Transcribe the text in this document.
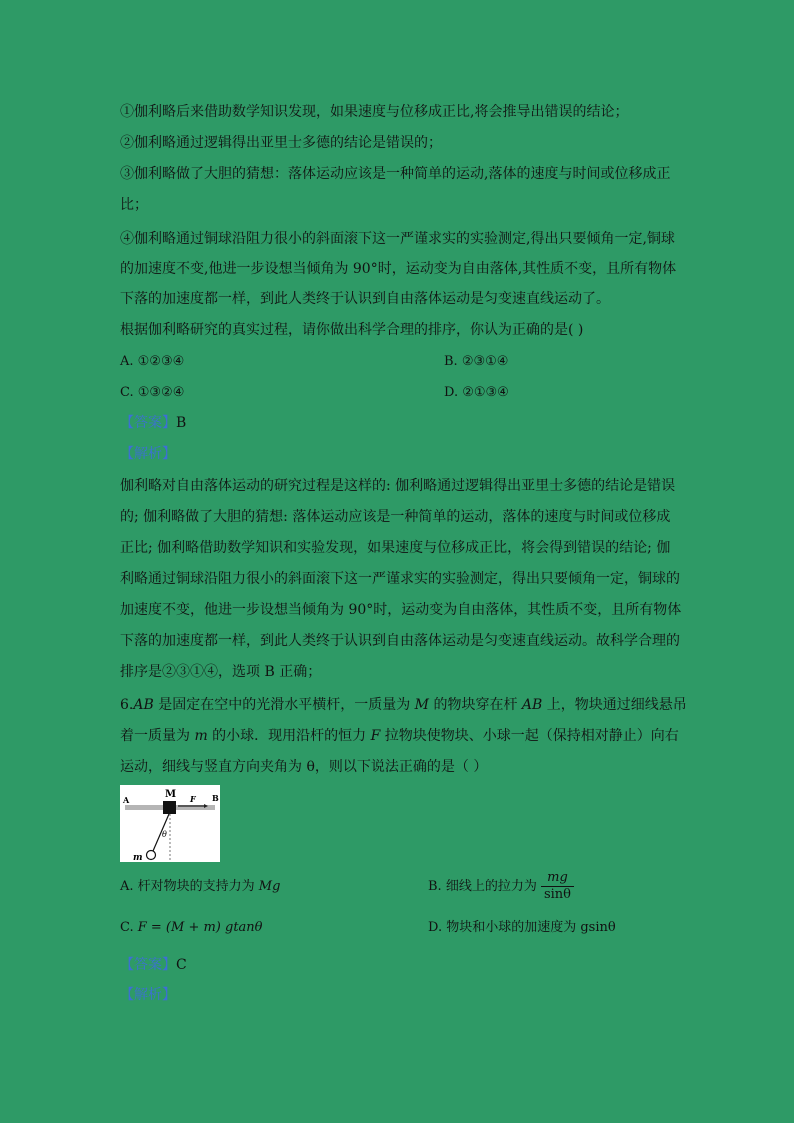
①伽利略后来借助数学知识发现，如果速度与位移成正比,将会推导出错误的结论；
②伽利略通过逻辑得出亚里士多德的结论是错误的；
③伽利略做了大胆的猜想：落体运动应该是一种简单的运动,落体的速度与时间或位移成正
比；
④伽利略通过铜球沿阻力很小的斜面滚下这一严谨求实的实验测定,得出只要倾角一定,铜球
的加速度不变,他进一步设想当倾角为 90°时，运动变为自由落体,其性质不变，且所有物体
下落的加速度都一样，到此人类终于认识到自由落体运动是匀变速直线运动了。
根据伽利略研究的真实过程，请你做出科学合理的排序，你认为正确的是( )
A. ①②③④	B. ②③①④
C. ①③②④	D. ②①③④
【答案】B
【解析】
伽利略对自由落体运动的研究过程是这样的: 伽利略通过逻辑得出亚里士多德的结论是错误
的; 伽利略做了大胆的猜想: 落体运动应该是一种简单的运动，落体的速度与时间或位移成
正比; 伽利略借助数学知识和实验发现，如果速度与位移成正比，将会得到错误的结论; 伽
利略通过铜球沿阻力很小的斜面滚下这一严谨求实的实验测定，得出只要倾角一定，铜球的
加速度不变，他进一步设想当倾角为 90°时，运动变为自由落体，其性质不变，且所有物体
下落的加速度都一样，到此人类终于认识到自由落体运动是匀变速直线运动。故科学合理的
排序是②③①④，选项 B 正确；
6.AB 是固定在空中的光滑水平横杆，一质量为 M 的物块穿在杆 AB 上，物块通过细线悬吊
着一质量为 m 的小球．现用沿杆的恒力 F 拉物块使物块、小球一起（保持相对静止）向右
运动，细线与竖直方向夹角为 θ，则以下说法正确的是（ ）
A	B
M F
θ
m
A. 杆对物块的支持力为 Mg	B. 细线上的拉力为 $\frac{mg}{\sin\theta}$
C. F = (M + m) gtanθ	D. 物块和小球的加速度为 gsinθ
【答案】C
【解析】
